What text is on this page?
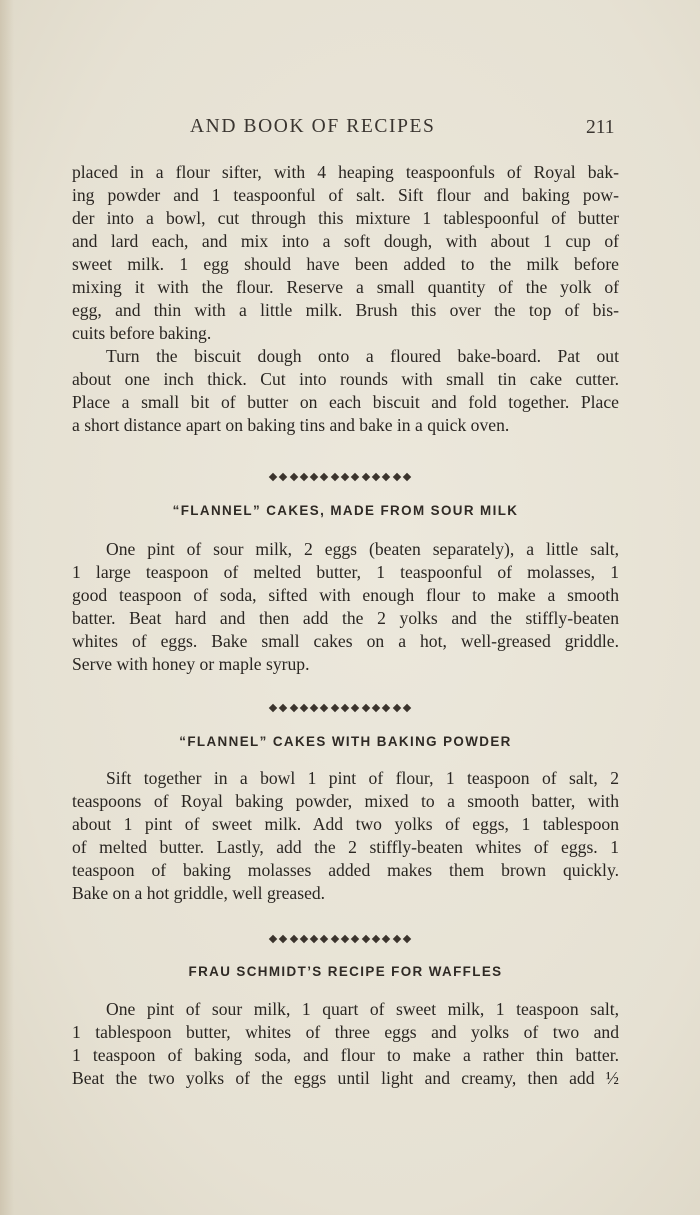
AND BOOK OF RECIPES	211
placed in a flour sifter, with 4 heaping teaspoonfuls of Royal bak-
ing powder and 1 teaspoonful of salt. Sift flour and baking pow-
der into a bowl, cut through this mixture 1 tablespoonful of butter
and lard each, and mix into a soft dough, with about 1 cup of
sweet milk. 1 egg should have been added to the milk before
mixing it with the flour. Reserve a small quantity of the yolk of
egg, and thin with a little milk. Brush this over the top of bis-
cuits before baking.
Turn the biscuit dough onto a floured bake-board. Pat out
about one inch thick. Cut into rounds with small tin cake cutter.
Place a small bit of butter on each biscuit and fold together. Place
a short distance apart on baking tins and bake in a quick oven.
“FLANNEL” CAKES, MADE FROM SOUR MILK
One pint of sour milk, 2 eggs (beaten separately), a little salt,
1 large teaspoon of melted butter, 1 teaspoonful of molasses, 1
good teaspoon of soda, sifted with enough flour to make a smooth
batter. Beat hard and then add the 2 yolks and the stiffly-beaten
whites of eggs. Bake small cakes on a hot, well-greased griddle.
Serve with honey or maple syrup.
“FLANNEL” CAKES WITH BAKING POWDER
Sift together in a bowl 1 pint of flour, 1 teaspoon of salt, 2
teaspoons of Royal baking powder, mixed to a smooth batter, with
about 1 pint of sweet milk. Add two yolks of eggs, 1 tablespoon
of melted butter. Lastly, add the 2 stiffly-beaten whites of eggs. 1
teaspoon of baking molasses added makes them brown quickly.
Bake on a hot griddle, well greased.
FRAU SCHMIDT’S RECIPE FOR WAFFLES
One pint of sour milk, 1 quart of sweet milk, 1 teaspoon salt,
1 tablespoon butter, whites of three eggs and yolks of two and
1 teaspoon of baking soda, and flour to make a rather thin batter.
Beat the two yolks of the eggs until light and creamy, then add ½
